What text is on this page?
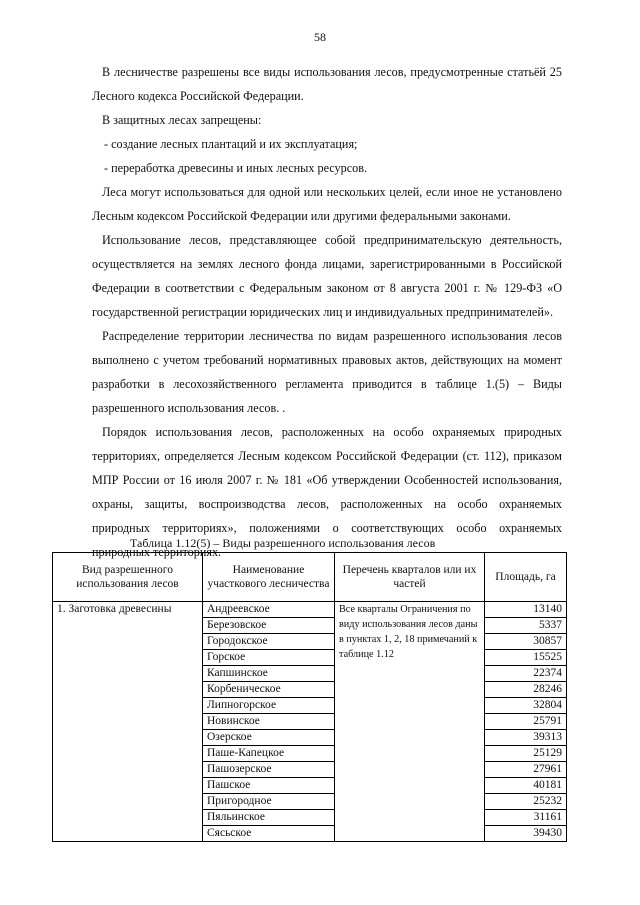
58

В лесничестве разрешены все виды использования лесов, предусмотренные статьёй 25 Лесного кодекса Российской Федерации.

В защитных лесах запрещены:

- создание лесных плантаций и их эксплуатация;

- переработка древесины и иных лесных ресурсов.

Леса могут использоваться для одной или нескольких целей, если иное не установлено Лесным кодексом Российской Федерации или другими федеральными законами.

Использование лесов, представляющее собой предпринимательскую деятельность, осуществляется на землях лесного фонда лицами, зарегистрированными в Российской Федерации в соответствии с Федеральным законом от 8 августа 2001 г. № 129-ФЗ «О государственной регистрации юридических лиц и индивидуальных предпринимателей».

Распределение территории лесничества по видам разрешенного использования лесов выполнено с учетом требований нормативных правовых актов, действующих на момент разработки в лесохозяйственного регламента приводится в таблице 1.(5) – Виды разрешенного использования лесов. .

Порядок использования лесов, расположенных на особо охраняемых природных территориях, определяется Лесным кодексом Российской Федерации (ст. 112), приказом МПР России от 16 июля 2007 г. № 181 «Об утверждении Особенностей использования, охраны, защиты, воспроизводства лесов, расположенных на особо охраняемых природных территориях», положениями о соответствующих особо охраняемых природных территориях.

Таблица 1.12(5) – Виды разрешенного использования лесов
Вид разрешенного использования лесов	Наименование участкового лесничества	Перечень кварталов или их частей	Площадь, га
1. Заготовка древесины	Андреевское	Все кварталы Ограничения по виду использования лесов даны в пунктах 1, 2, 18 примечаний к таблице 1.12	13140
	Березовское		5337
	Городокское		30857
	Горское		15525
	Капшинское		22374
	Корбеничеcкое		28246
	Липногорское		32804
	Новинское		25791
	Озерское		39313
	Паше-Капецкое		25129
	Пашозерское		27961
	Пашское		40181
	Пригородное		25232
	Пяльинское		31161
	Сясьское		39430
